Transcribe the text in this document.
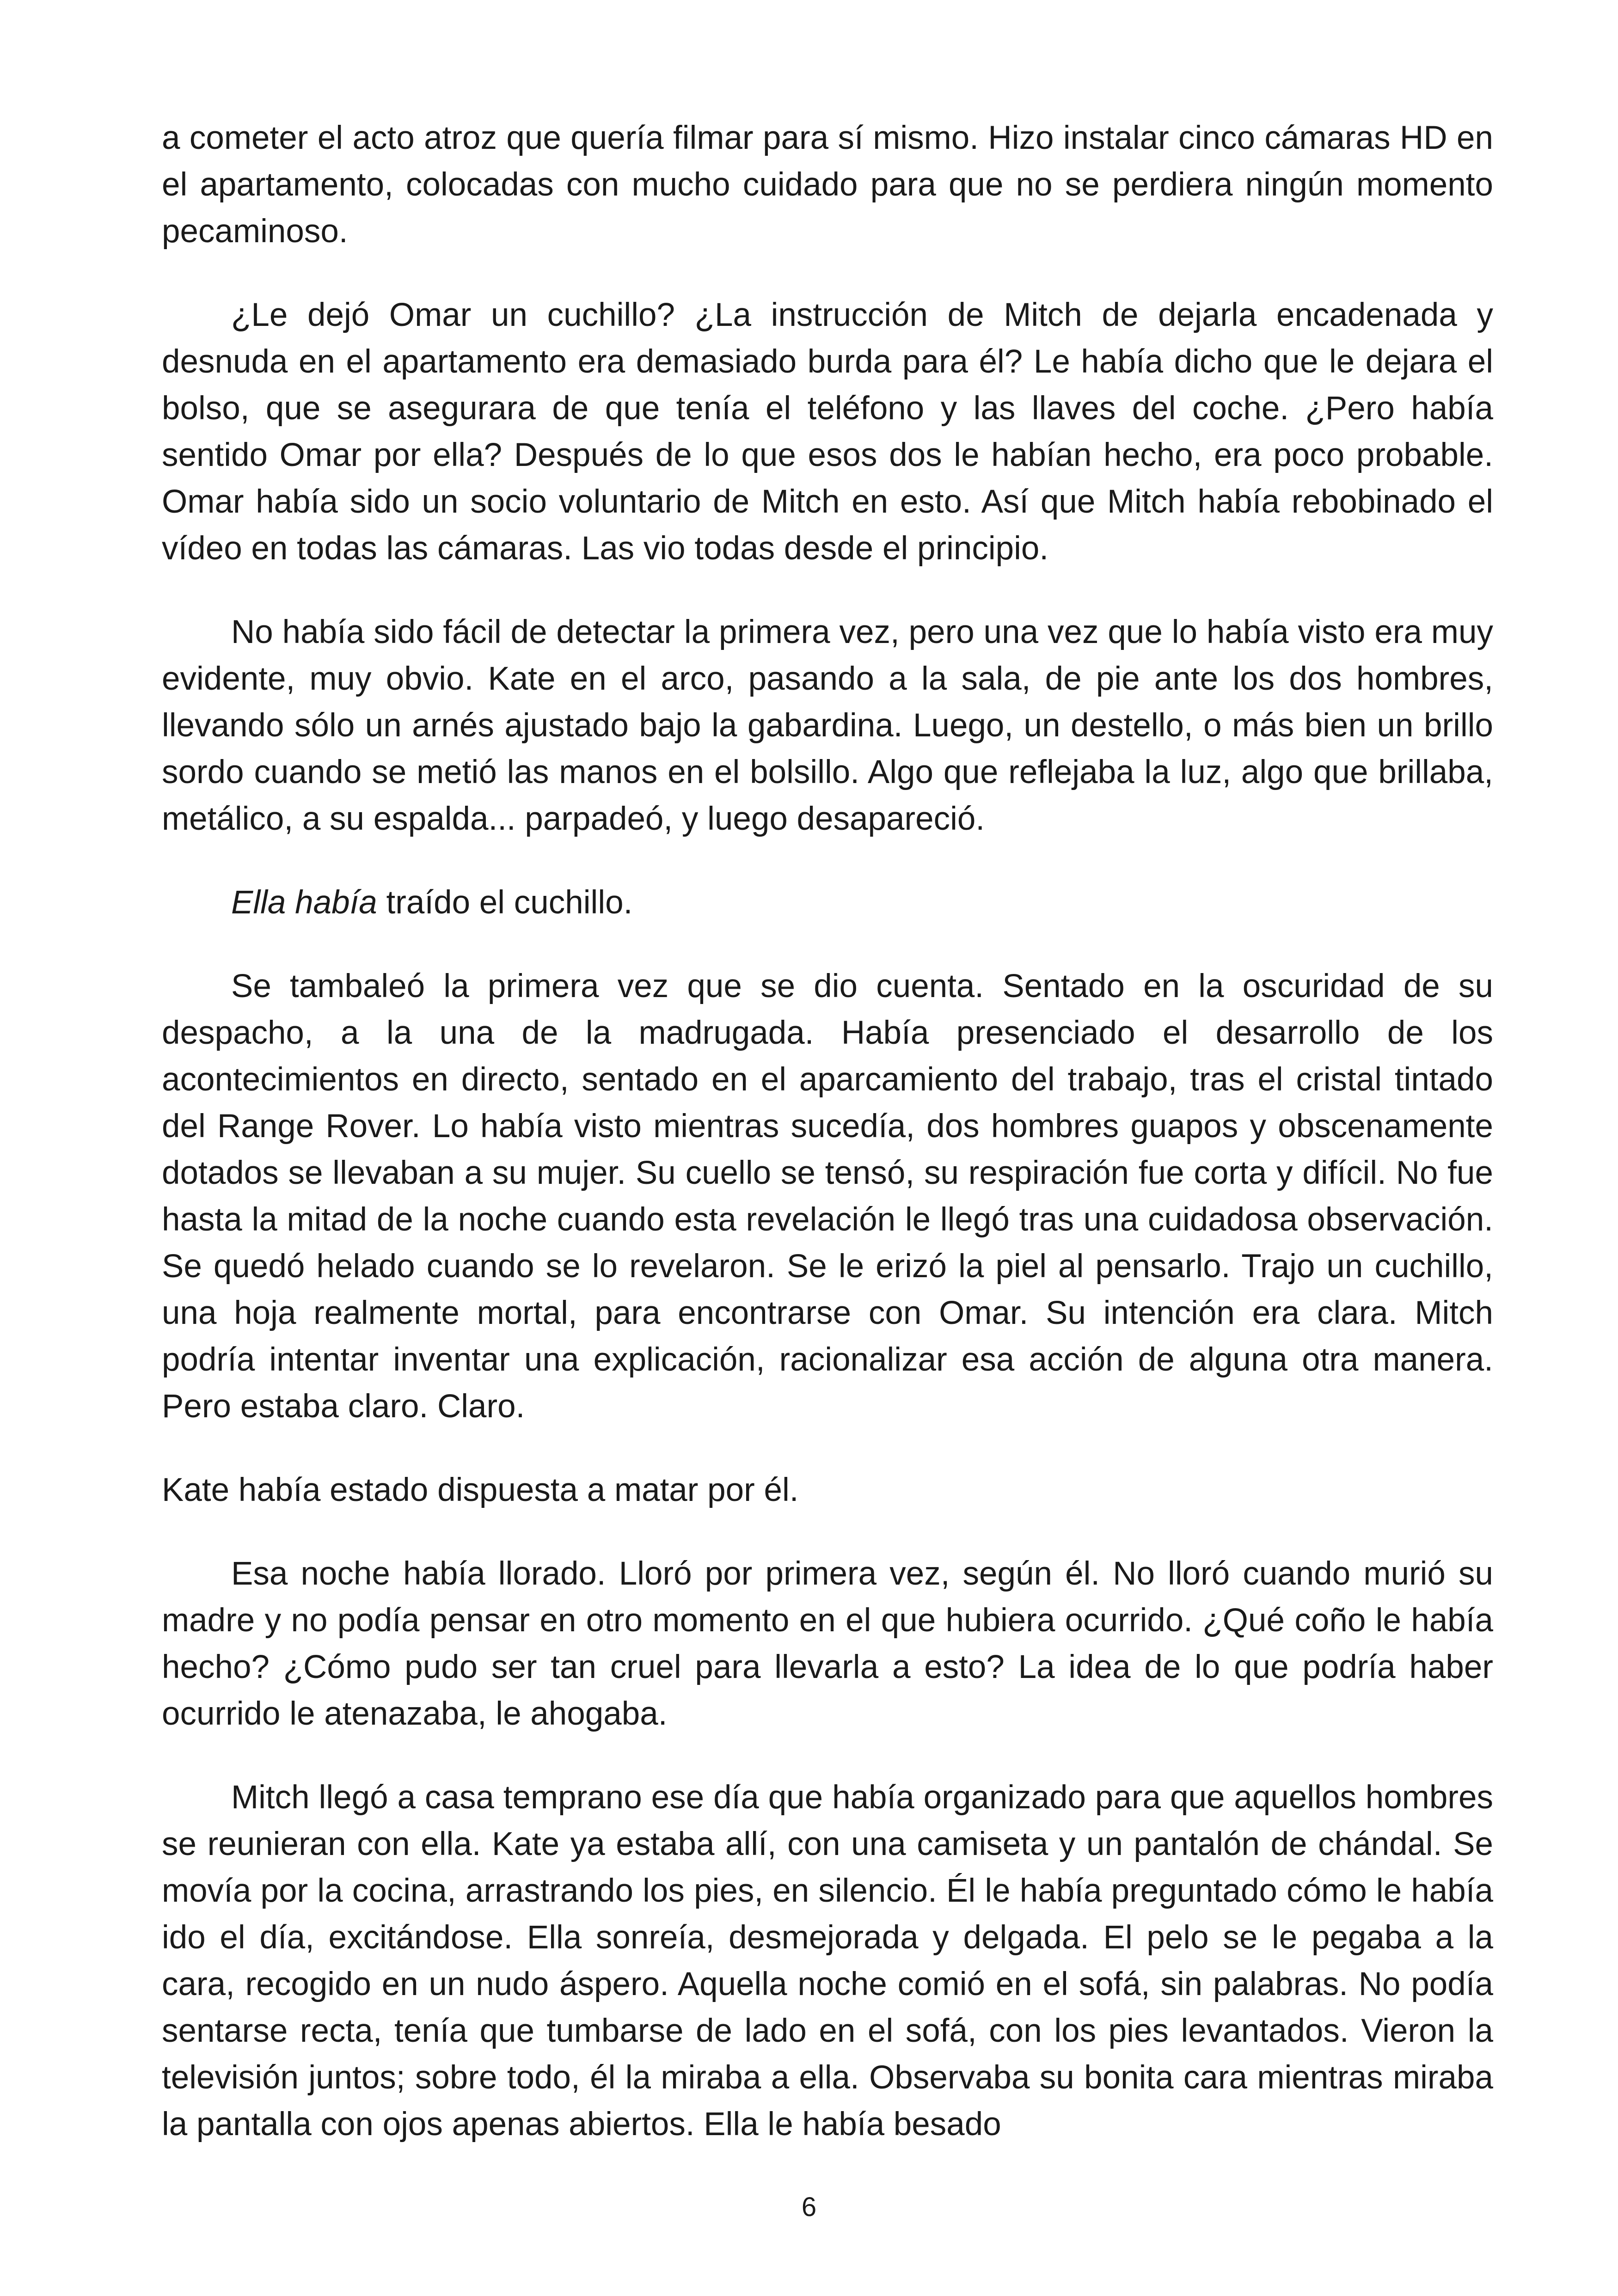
a cometer el acto atroz que quería filmar para sí mismo. Hizo instalar cinco cámaras HD en el apartamento, colocadas con mucho cuidado para que no se perdiera ningún momento pecaminoso.

¿Le dejó Omar un cuchillo? ¿La instrucción de Mitch de dejarla encadenada y desnuda en el apartamento era demasiado burda para él? Le había dicho que le dejara el bolso, que se asegurara de que tenía el teléfono y las llaves del coche. ¿Pero había sentido Omar por ella? Después de lo que esos dos le habían hecho, era poco probable. Omar había sido un socio voluntario de Mitch en esto. Así que Mitch había rebobinado el vídeo en todas las cámaras. Las vio todas desde el principio.

No había sido fácil de detectar la primera vez, pero una vez que lo había visto era muy evidente, muy obvio. Kate en el arco, pasando a la sala, de pie ante los dos hombres, llevando sólo un arnés ajustado bajo la gabardina. Luego, un destello, o más bien un brillo sordo cuando se metió las manos en el bolsillo. Algo que reflejaba la luz, algo que brillaba, metálico, a su espalda... parpadeó, y luego desapareció.

Ella había traído el cuchillo.

Se tambaleó la primera vez que se dio cuenta. Sentado en la oscuridad de su despacho, a la una de la madrugada. Había presenciado el desarrollo de los acontecimientos en directo, sentado en el aparcamiento del trabajo, tras el cristal tintado del Range Rover. Lo había visto mientras sucedía, dos hombres guapos y obscenamente dotados se llevaban a su mujer. Su cuello se tensó, su respiración fue corta y difícil. No fue hasta la mitad de la noche cuando esta revelación le llegó tras una cuidadosa observación. Se quedó helado cuando se lo revelaron. Se le erizó la piel al pensarlo. Trajo un cuchillo, una hoja realmente mortal, para encontrarse con Omar. Su intención era clara. Mitch podría intentar inventar una explicación, racionalizar esa acción de alguna otra manera. Pero estaba claro. Claro.

Kate había estado dispuesta a matar por él.

Esa noche había llorado. Lloró por primera vez, según él. No lloró cuando murió su madre y no podía pensar en otro momento en el que hubiera ocurrido. ¿Qué coño le había hecho? ¿Cómo pudo ser tan cruel para llevarla a esto? La idea de lo que podría haber ocurrido le atenazaba, le ahogaba.

Mitch llegó a casa temprano ese día que había organizado para que aquellos hombres se reunieran con ella. Kate ya estaba allí, con una camiseta y un pantalón de chándal. Se movía por la cocina, arrastrando los pies, en silencio. Él le había preguntado cómo le había ido el día, excitándose. Ella sonreía, desmejorada y delgada. El pelo se le pegaba a la cara, recogido en un nudo áspero. Aquella noche comió en el sofá, sin palabras. No podía sentarse recta, tenía que tumbarse de lado en el sofá, con los pies levantados. Vieron la televisión juntos; sobre todo, él la miraba a ella. Observaba su bonita cara mientras miraba la pantalla con ojos apenas abiertos. Ella le había besado

6
